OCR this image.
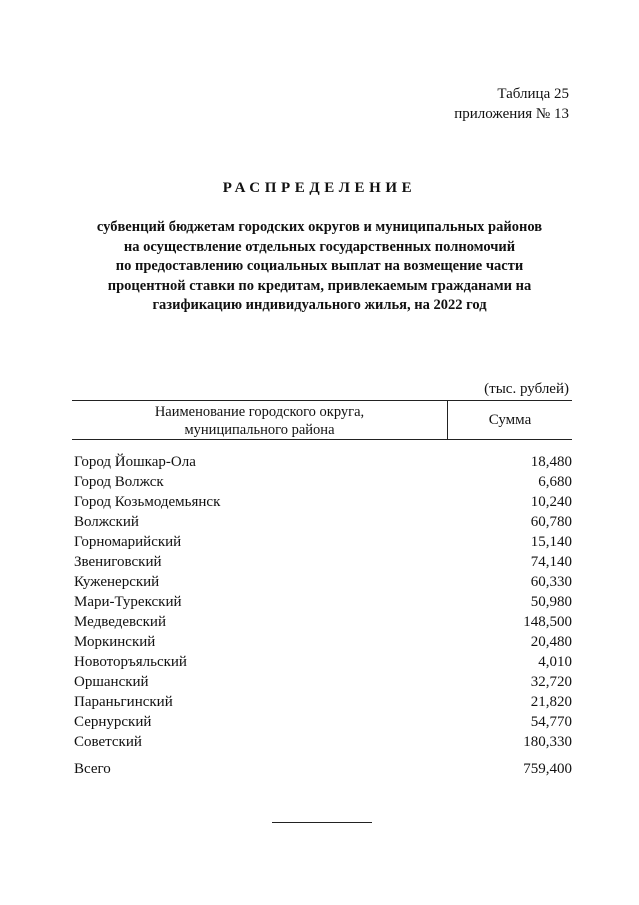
Таблица 25
приложения № 13
РАСПРЕДЕЛЕНИЕ
субвенций бюджетам городских округов и муниципальных районов
на осуществление отдельных государственных полномочий
по предоставлению социальных выплат на возмещение части
процентной ставки по кредитам, привлекаемым гражданами на
газификацию индивидуального жилья, на 2022 год
(тыс. рублей)
Наименование городского округа,
муниципального района
Сумма
Город Йошкар-Ола	18,480
Город Волжск	6,680
Город Козьмодемьянск	10,240
Волжский	60,780
Горномарийский	15,140
Звениговский	74,140
Куженерский	60,330
Мари-Турекский	50,980
Медведевский	148,500
Моркинский	20,480
Новоторъяльский	4,010
Оршанский	32,720
Параньгинский	21,820
Сернурский	54,770
Советский	180,330
Всего	759,400
